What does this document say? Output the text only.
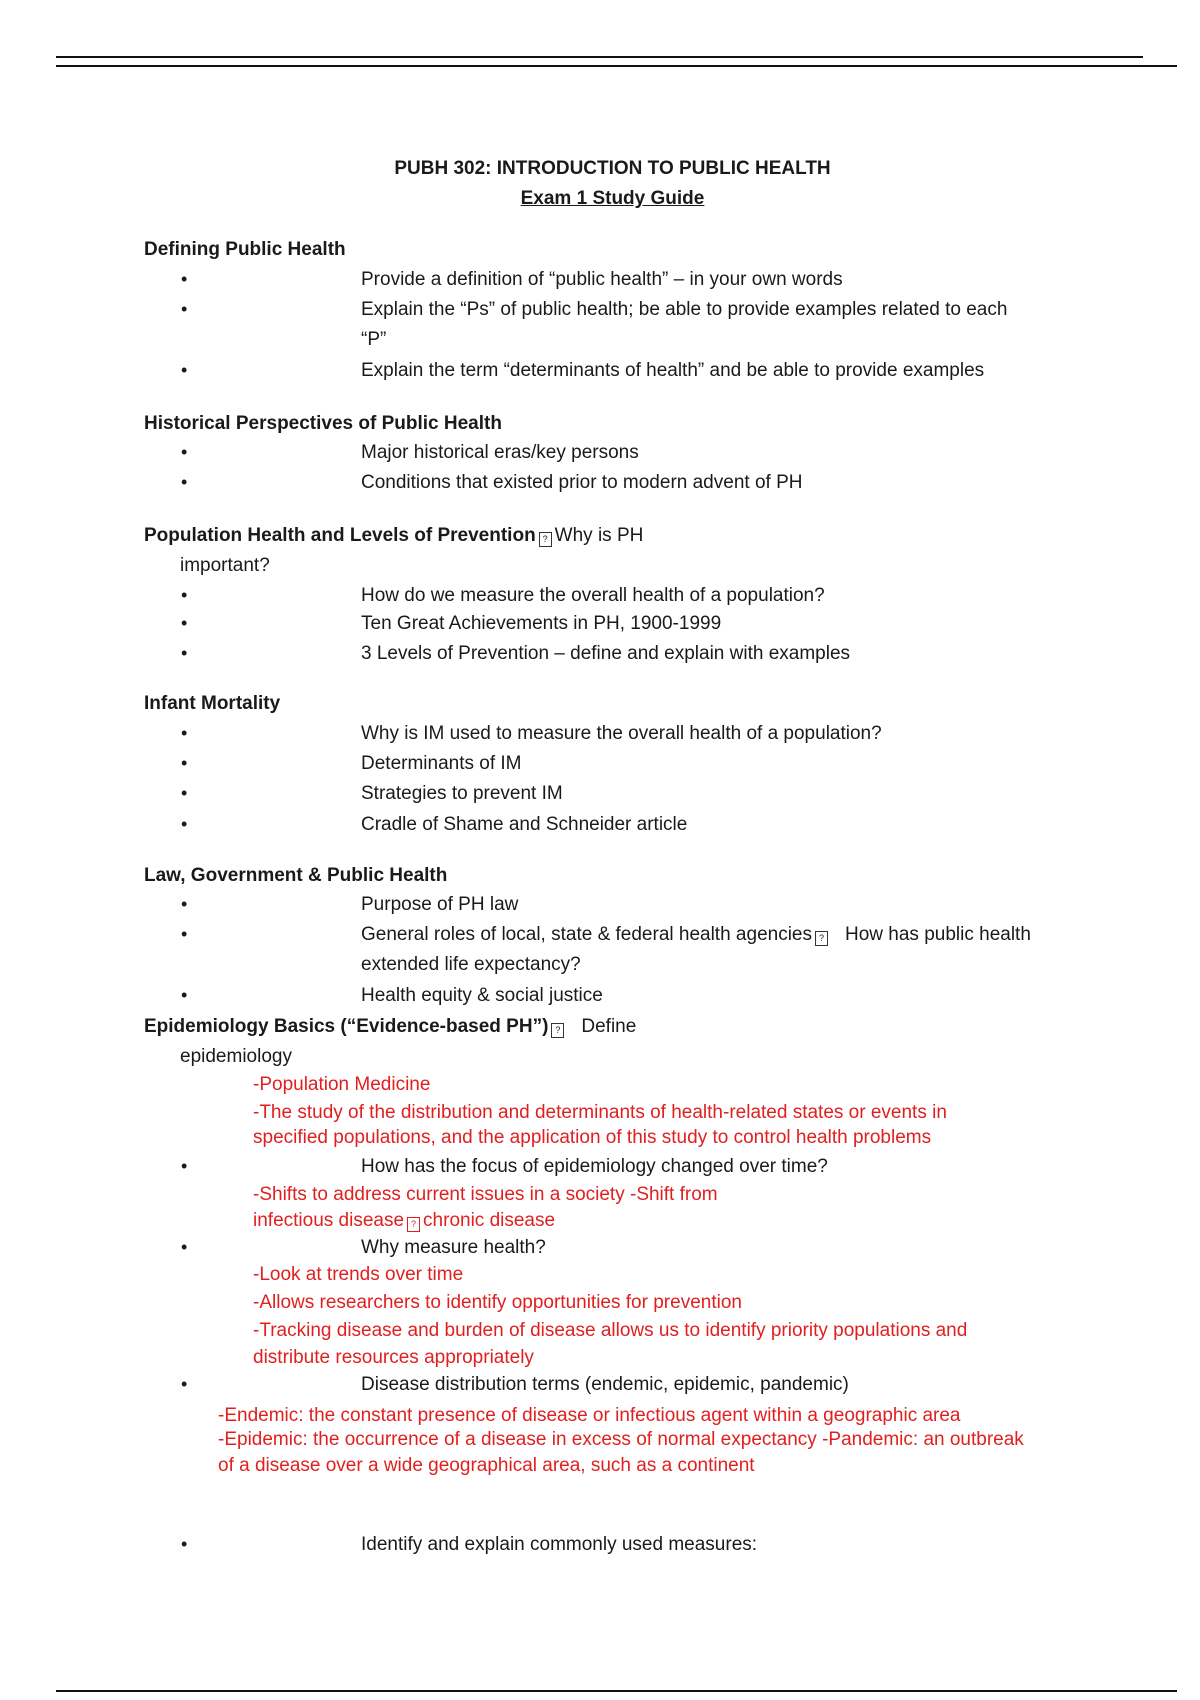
PUBH 302: INTRODUCTION TO PUBLIC HEALTH
Exam 1 Study Guide
Defining Public Health
•	Provide a definition of “public health” – in your own words
•	Explain the “Ps” of public health; be able to provide examples related to each
“P”
•	Explain the term “determinants of health” and be able to provide examples
Historical Perspectives of Public Health
•	Major historical eras/key persons
•	Conditions that existed prior to modern advent of PH
Population Health and Levels of Prevention ? Why is PH
important?
•	How do we measure the overall health of a population?
•	Ten Great Achievements in PH, 1900-1999
•	3 Levels of Prevention – define and explain with examples
Infant Mortality
•	Why is IM used to measure the overall health of a population?
•	Determinants of IM
•	Strategies to prevent IM
•	Cradle of Shame and Schneider article
Law, Government & Public Health
•	Purpose of PH law
•	General roles of local, state & federal health agencies ? How has public health
extended life expectancy?
•	Health equity & social justice
Epidemiology Basics (“Evidence-based PH”) ? Define
epidemiology
-Population Medicine
-The study of the distribution and determinants of health-related states or events in
specified populations, and the application of this study to control health problems
•	How has the focus of epidemiology changed over time?
-Shifts to address current issues in a society -Shift from
infectious disease ? chronic disease
•	Why measure health?
-Look at trends over time
-Allows researchers to identify opportunities for prevention
-Tracking disease and burden of disease allows us to identify priority populations and
distribute resources appropriately
•	Disease distribution terms (endemic, epidemic, pandemic)
-Endemic: the constant presence of disease or infectious agent within a geographic area
-Epidemic: the occurrence of a disease in excess of normal expectancy -Pandemic: an outbreak
of a disease over a wide geographical area, such as a continent
•	Identify and explain commonly used measures:
